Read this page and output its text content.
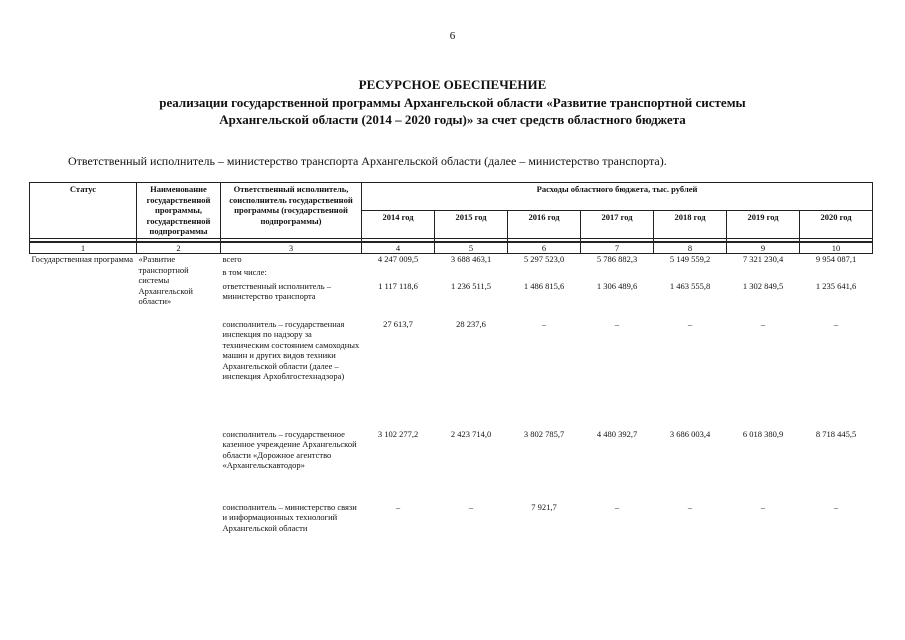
6
РЕСУРСНОЕ ОБЕСПЕЧЕНИЕ
реализации государственной программы Архангельской области «Развитие транспортной системы
Архангельской области (2014 – 2020 годы)» за счет средств областного бюджета
Ответственный исполнитель – министерство транспорта Архангельской области (далее – министерство транспорта).
Статус	Наименование государственной программы, государственной подпрограммы	Ответственный исполнитель, соисполнитель государственной программы (государственной подпрограммы)	Расходы областного бюджета, тыс. рублей						
			2014 год	2015 год	2016 год	2017 год	2018 год	2019 год	2020 год

1	2	3	4	5	6	7	8	9	10
Государственная программа	«Развитие транспортной системы Архангельской области»	всего	4 247 009,5	3 688 463,1	5 297 523,0	5 786 882,3	5 149 559,2	7 321 230,4	9 954 087,1
		в том числе:							
		ответственный исполнитель – министерство транспорта	1 117 118,6	1 236 511,5	1 486 815,6	1 306 489,6	1 463 555,8	1 302 849,5	1 235 641,6
		соисполнитель – государственная инспекция по надзору за техническим состоянием самоходных машин и других видов техники Архангельской области (далее – инспекция Архоблгостехнадзора)	27 613,7	28 237,6	–	–	–	–	–
		соисполнитель – государственное казенное учреждение Архангельской области «Дорожное агентство «Архангельскавтодор»	3 102 277,2	2 423 714,0	3 802 785,7	4 480 392,7	3 686 003,4	6 018 380,9	8 718 445,5
		соисполнитель – министерство связи и информационных технологий Архангельской области	–	–	7 921,7	–	–	–	–
